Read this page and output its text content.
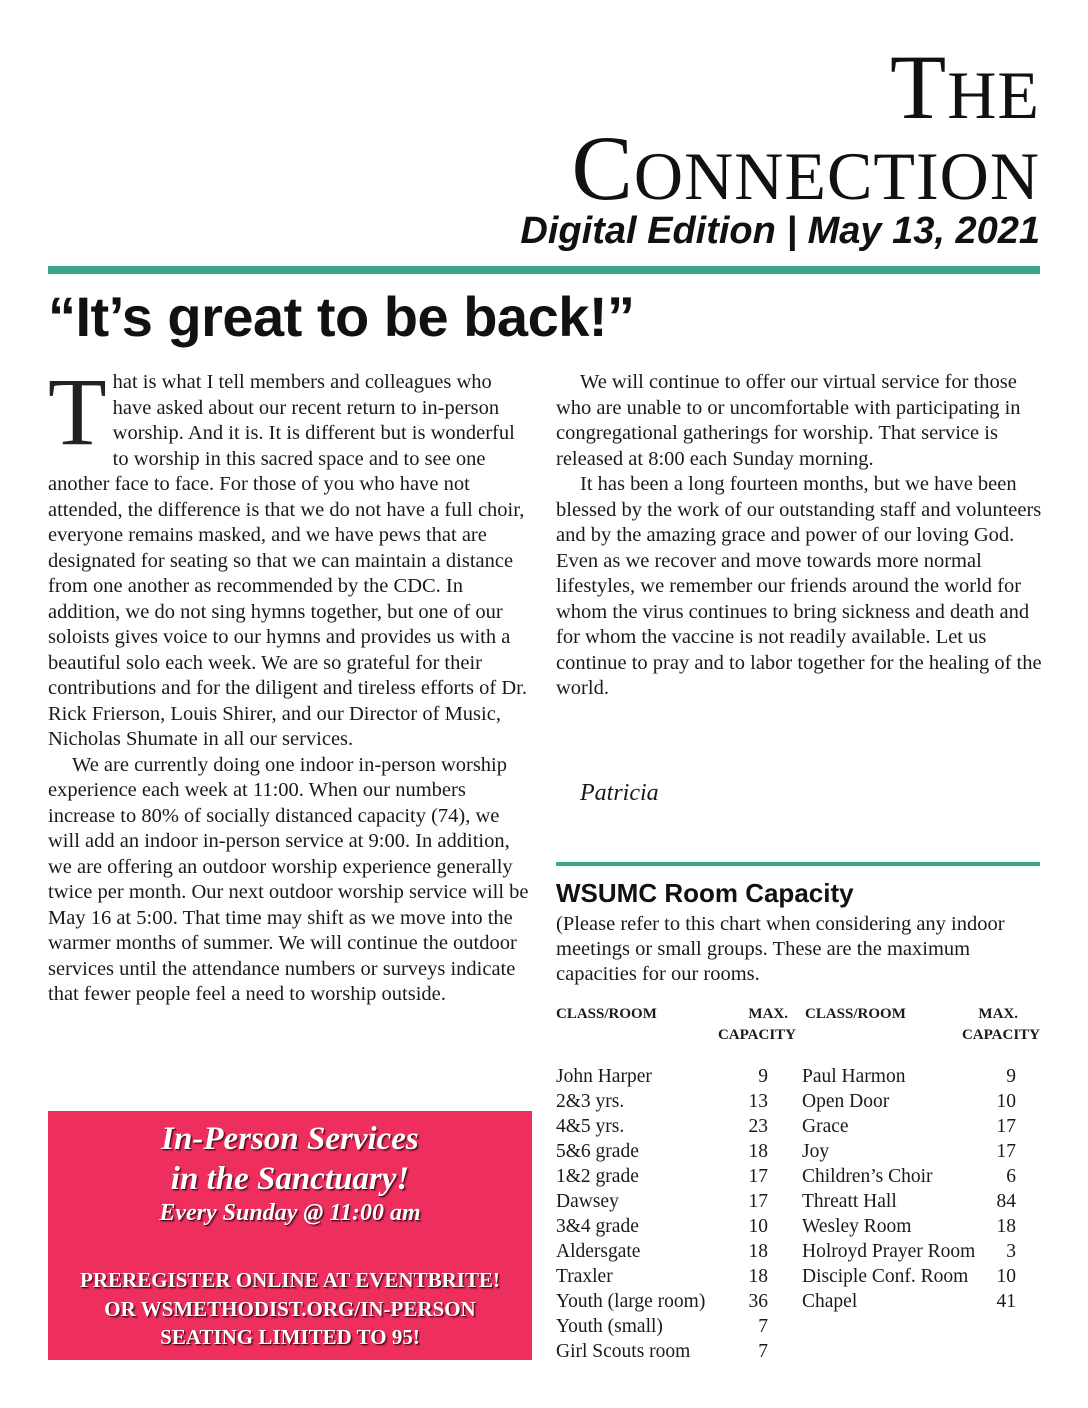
THE
CONNECTION
Digital Edition | May 13, 2021
“It’s great to be back!”

That is what I tell members and colleagues who have asked about our recent return to in-person worship. And it is. It is different but is wonderful to worship in this sacred space and to see one another face to face. For those of you who have not attended, the difference is that we do not have a full choir, everyone remains masked, and we have pews that are designated for seating so that we can maintain a distance from one another as recommended by the CDC. In addition, we do not sing hymns together, but one of our soloists gives voice to our hymns and provides us with a beautiful solo each week. We are so grateful for their contributions and for the diligent and tireless efforts of Dr. Rick Frierson, Louis Shirer, and our Director of Music, Nicholas Shumate in all our services.

We are currently doing one indoor in-person worship experience each week at 11:00. When our numbers increase to 80% of socially distanced capacity (74), we will add an indoor in-person service at 9:00. In addition, we are offering an outdoor worship experience generally twice per month. Our next outdoor worship service will be May 16 at 5:00. That time may shift as we move into the warmer months of summer. We will continue the outdoor services until the attendance numbers or surveys indicate that fewer people feel a need to worship outside.

We will continue to offer our virtual service for those who are unable to or uncomfortable with participating in congregational gatherings for worship. That service is released at 8:00 each Sunday morning.

It has been a long fourteen months, but we have been blessed by the work of our outstanding staff and volunteers and by the amazing grace and power of our loving God. Even as we recover and move towards more normal lifestyles, we remember our friends around the world for whom the virus continues to bring sickness and death and for whom the vaccine is not readily available. Let us continue to pray and to labor together for the healing of the world.

Patricia
WSUMC Room Capacity
(Please refer to this chart when considering any indoor meetings or small groups. These are the maximum capacities for our rooms.
CLASS/ROOM	MAX.
CAPACITY
CLASS/ROOM	MAX.
CAPACITY
John Harper	9
2&3 yrs.	13
4&5 yrs.	23
5&6 grade	18
1&2 grade	17
Dawsey	17
3&4 grade	10
Aldersgate	18
Traxler	18
Youth (large room) 36
Youth (small)	7
Girl Scouts room	7
Paul Harmon	9
Open Door	10
Grace	17
Joy	17
Children’s Choir	6
Threatt Hall	84
Wesley Room	18
Holroyd Prayer Room 3
Disciple Conf. Room 10
Chapel	41
In-Person Services
in the Sanctuary!
Every Sunday @ 11:00 am
PREREGISTER ONLINE AT EVENTBRITE!
OR WSMETHODIST.ORG/IN-PERSON
SEATING LIMITED TO 95!
